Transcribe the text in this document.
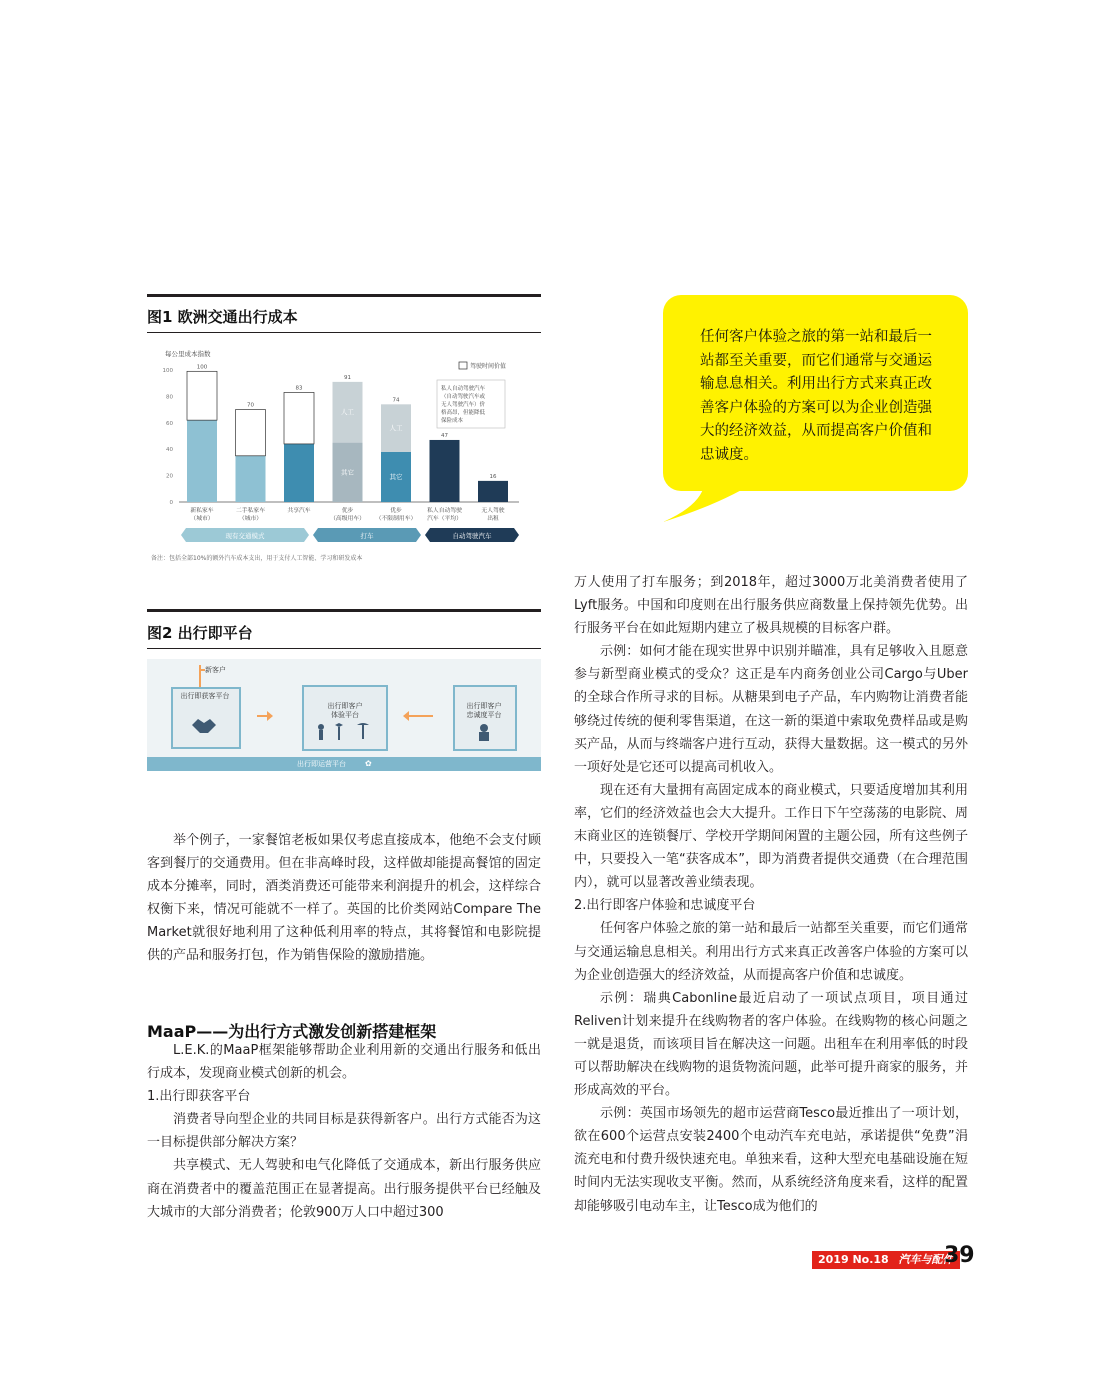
图1 欧洲交通出行成本
每公里成本指数
0
20
40
60
80
100
驾驶时间价值
100
新私家车
（城市）
70
二手私家车
（城市）
83
共享汽车
人工
其它
91
优步
（高级用车）
人工
其它
74
优步
（不限制用车）
47
私人自动驾驶
汽车（平均）
16
无人驾驶
出租
私人自动驾驶汽车
（自动驾驶汽车或
无人驾驶汽车）价
格高昂，但能降低
保险成本
现有交通模式	打车	自动驾驶汽车
备注：包括全部10%的额外汽车成本支出，用于支付人工智能、学习和研发成本
图2 出行即平台
新客户
出行即获客平台
出行即客户
体验平台
出行即客户
忠诚度平台
出行即运营平台 ✿
任何客户体验之旅的第一站和最后一站都至关重要，而它们通常与交通运输息息相关。利用出行方式来真正改善客户体验的方案可以为企业创造强大的经济效益，从而提高客户价值和忠诚度。

举个例子，一家餐馆老板如果仅考虑直接成本，他绝不会支付顾客到餐厅的交通费用。但在非高峰时段，这样做却能提高餐馆的固定成本分摊率，同时，酒类消费还可能带来利润提升的机会，这样综合权衡下来，情况可能就不一样了。英国的比价类网站Compare The Market就很好地利用了这种低利用率的特点，其将餐馆和电影院提供的产品和服务打包，作为销售保险的激励措施。

MaaP——为出行方式激发创新搭建框架

L.E.K.的MaaP框架能够帮助企业利用新的交通出行服务和低出行成本，发现商业模式创新的机会。

1.出行即获客平台

消费者导向型企业的共同目标是获得新客户。出行方式能否为这一目标提供部分解决方案？

共享模式、无人驾驶和电气化降低了交通成本，新出行服务供应商在消费者中的覆盖范围正在显著提高。出行服务提供平台已经触及大城市的大部分消费者；伦敦900万人口中超过300

万人使用了打车服务；到2018年，超过3000万北美消费者使用了Lyft服务。中国和印度则在出行服务供应商数量上保持领先优势。出行服务平台在如此短期内建立了极具规模的目标客户群。

示例：如何才能在现实世界中识别并瞄准，具有足够收入且愿意参与新型商业模式的受众？这正是车内商务创业公司Cargo与Uber的全球合作所寻求的目标。从糖果到电子产品，车内购物让消费者能够绕过传统的便利零售渠道，在这一新的渠道中索取免费样品或是购买产品，从而与终端客户进行互动，获得大量数据。这一模式的另外一项好处是它还可以提高司机收入。

现在还有大量拥有高固定成本的商业模式，只要适度增加其利用率，它们的经济效益也会大大提升。工作日下午空荡荡的电影院、周末商业区的连锁餐厅、学校开学期间闲置的主题公园，所有这些例子中，只要投入一笔“获客成本”，即为消费者提供交通费（在合理范围内），就可以显著改善业绩表现。

2.出行即客户体验和忠诚度平台

任何客户体验之旅的第一站和最后一站都至关重要，而它们通常与交通运输息息相关。利用出行方式来真正改善客户体验的方案可以为企业创造强大的经济效益，从而提高客户价值和忠诚度。

示例：瑞典Cabonline最近启动了一项试点项目，项目通过Reliven计划来提升在线购物者的客户体验。在线购物的核心问题之一就是退货，而该项目旨在解决这一问题。出租车在利用率低的时段可以帮助解决在线购物的退货物流问题，此举可提升商家的服务，并形成高效的平台。

示例：英国市场领先的超市运营商Tesco最近推出了一项计划，欲在600个运营点安装2400个电动汽车充电站，承诺提供“免费”涓流充电和付费升级快速充电。单独来看，这种大型充电基础设施在短时间内无法实现收支平衡。然而，从系统经济角度来看，这样的配置却能够吸引电动车主，让Tesco成为他们的

2019 No.18 汽车与配件
39
